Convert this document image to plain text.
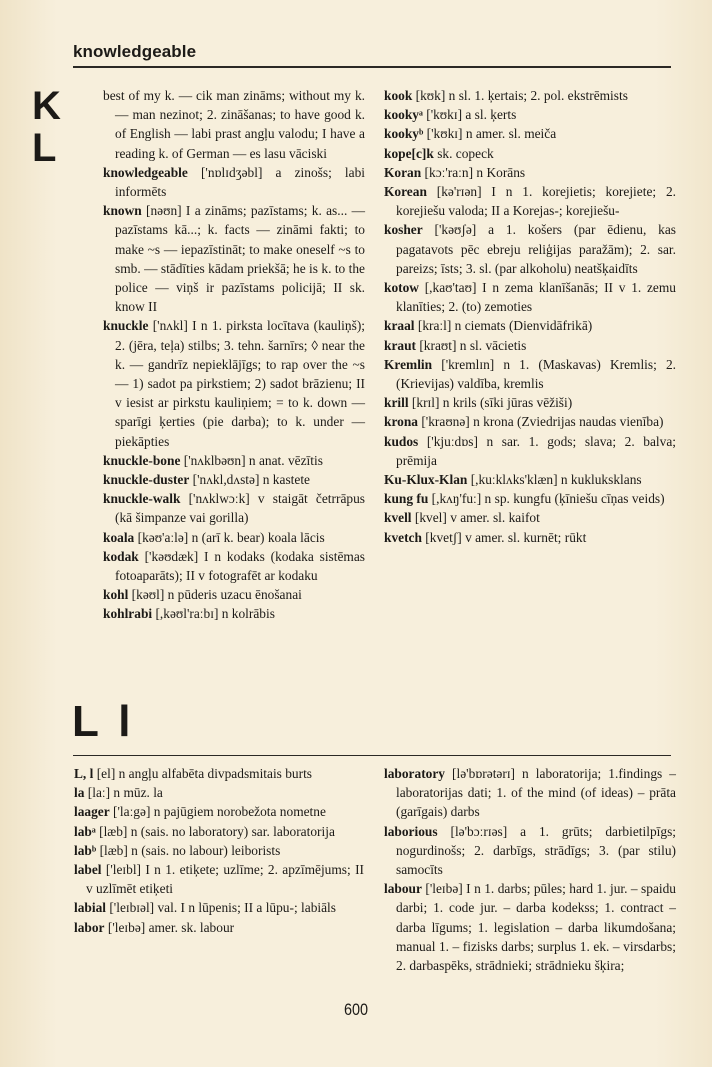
knowledgeable
K
L

best of my k. — cik man zināms; without my k. — man nezinot; 2. zināšanas; to have good k. of English — labi prast angļu valodu; I have a reading k. of German — es lasu vāciski

knowledgeable ['nɒlɪdʒəbl] a zinošs; labi informēts

known [nəʊn] I a zināms; pazīstams; k. as... — pazīstams kā...; k. facts — zināmi fakti; to make ~s — iepazīstināt; to make oneself ~s to smb. — stādīties kādam priekšā; he is k. to the police — viņš ir pazīstams policijā; II sk. know II

knuckle ['nʌkl] I n 1. pirksta locītava (kauliņš); 2. (jēra, teļa) stilbs; 3. tehn. šarnīrs; ◊ near the k. — gandrīz nepieklājīgs; to rap over the ~s — 1) sadot pa pirkstiem; 2) sadot brāzienu; II v iesist ar pirkstu kauliņiem; = to k. down — sparīgi ķerties (pie darba); to k. under — piekāpties

knuckle-bone ['nʌklbəʊn] n anat. vēzītis

knuckle-duster ['nʌkl,dʌstə] n kastete

knuckle-walk ['nʌklwɔːk] v staigāt četrrāpus (kā šimpanze vai gorilla)

koala [kəʊ'aːlə] n (arī k. bear) koala lācis

kodak ['kəʊdæk] I n kodaks (kodaka sistēmas fotoaparāts); II v fotografēt ar kodaku

kohl [kəʊl] n pūderis uzacu ēnošanai

kohlrabi [,kəʊl'raːbɪ] n kolrābis

kook [kʊk] n sl. 1. ķertais; 2. pol. ekstrēmists

kookyᵃ ['kʊkɪ] a sl. ķerts

kookyᵇ ['kʊkɪ] n amer. sl. meiča

kope[c]k sk. copeck

Koran [kɔː'raːn] n Korāns

Korean [kə'rɪən] I n 1. korejietis; korejiete; 2. korejiešu valoda; II a Korejas-; korejiešu-

kosher ['kəʊʃə] a 1. košers (par ēdienu, kas pagatavots pēc ebreju reliģijas paražām); 2. sar. pareizs; īsts; 3. sl. (par alkoholu) neatšķaidīts

kotow [,kaʊ'taʊ] I n zema klanīšanās; II v 1. zemu klanīties; 2. (to) zemoties

kraal [kraːl] n ciemats (Dienvidāfrikā)

kraut [kraʊt] n sl. vācietis

Kremlin ['kremlɪn] n 1. (Maskavas) Kremlis; 2. (Krievijas) valdība, kremlis

krill [krɪl] n krils (sīki jūras vēžiši)

krona ['kraʊnə] n krona (Zviedrijas naudas vienība)

kudos ['kjuːdɒs] n sar. 1. gods; slava; 2. balva; prēmija

Ku-Klux-Klan [,kuːklʌks'klæn] n kukluksklans

kung fu [,kʌŋ'fuː] n sp. kungfu (ķīniešu cīņas veids)

kvell [kvel] v amer. sl. kaifot

kvetch [kvetʃ] v amer. sl. kurnēt; rūkt

L l

L, l [el] n angļu alfabēta divpadsmitais burts

la [laː] n mūz. la

laager ['laːgə] n pajūgiem norobežota nometne

labᵃ [læb] n (sais. no laboratory) sar. laboratorija

labᵇ [læb] n (sais. no labour) leiborists

label ['leɪbl] I n 1. etiķete; uzlīme; 2. apzīmējums; II v uzlīmēt etiķeti

labial ['leɪbɪəl] val. I n lūpenis; II a lūpu-; labiāls

labor ['leɪbə] amer. sk. labour

laboratory [lə'bɒrətərɪ] n laboratorija; 1.findings – laboratorijas dati; 1. of the mind (of ideas) – prāta (garīgais) darbs

laborious [lə'bɔːrɪəs] a 1. grūts; darbietilpīgs; nogurdinošs; 2. darbīgs, strādīgs; 3. (par stilu) samocīts

labour ['leɪbə] I n 1. darbs; pūles; hard 1. jur. – spaidu darbi; 1. code jur. – darba kodekss; 1. contract – darba līgums; 1. legislation – darba likumdošana; manual 1. – fizisks darbs; surplus 1. ek. – virsdarbs; 2. darbaspēks, strādnieki; strādnieku šķira;

600
